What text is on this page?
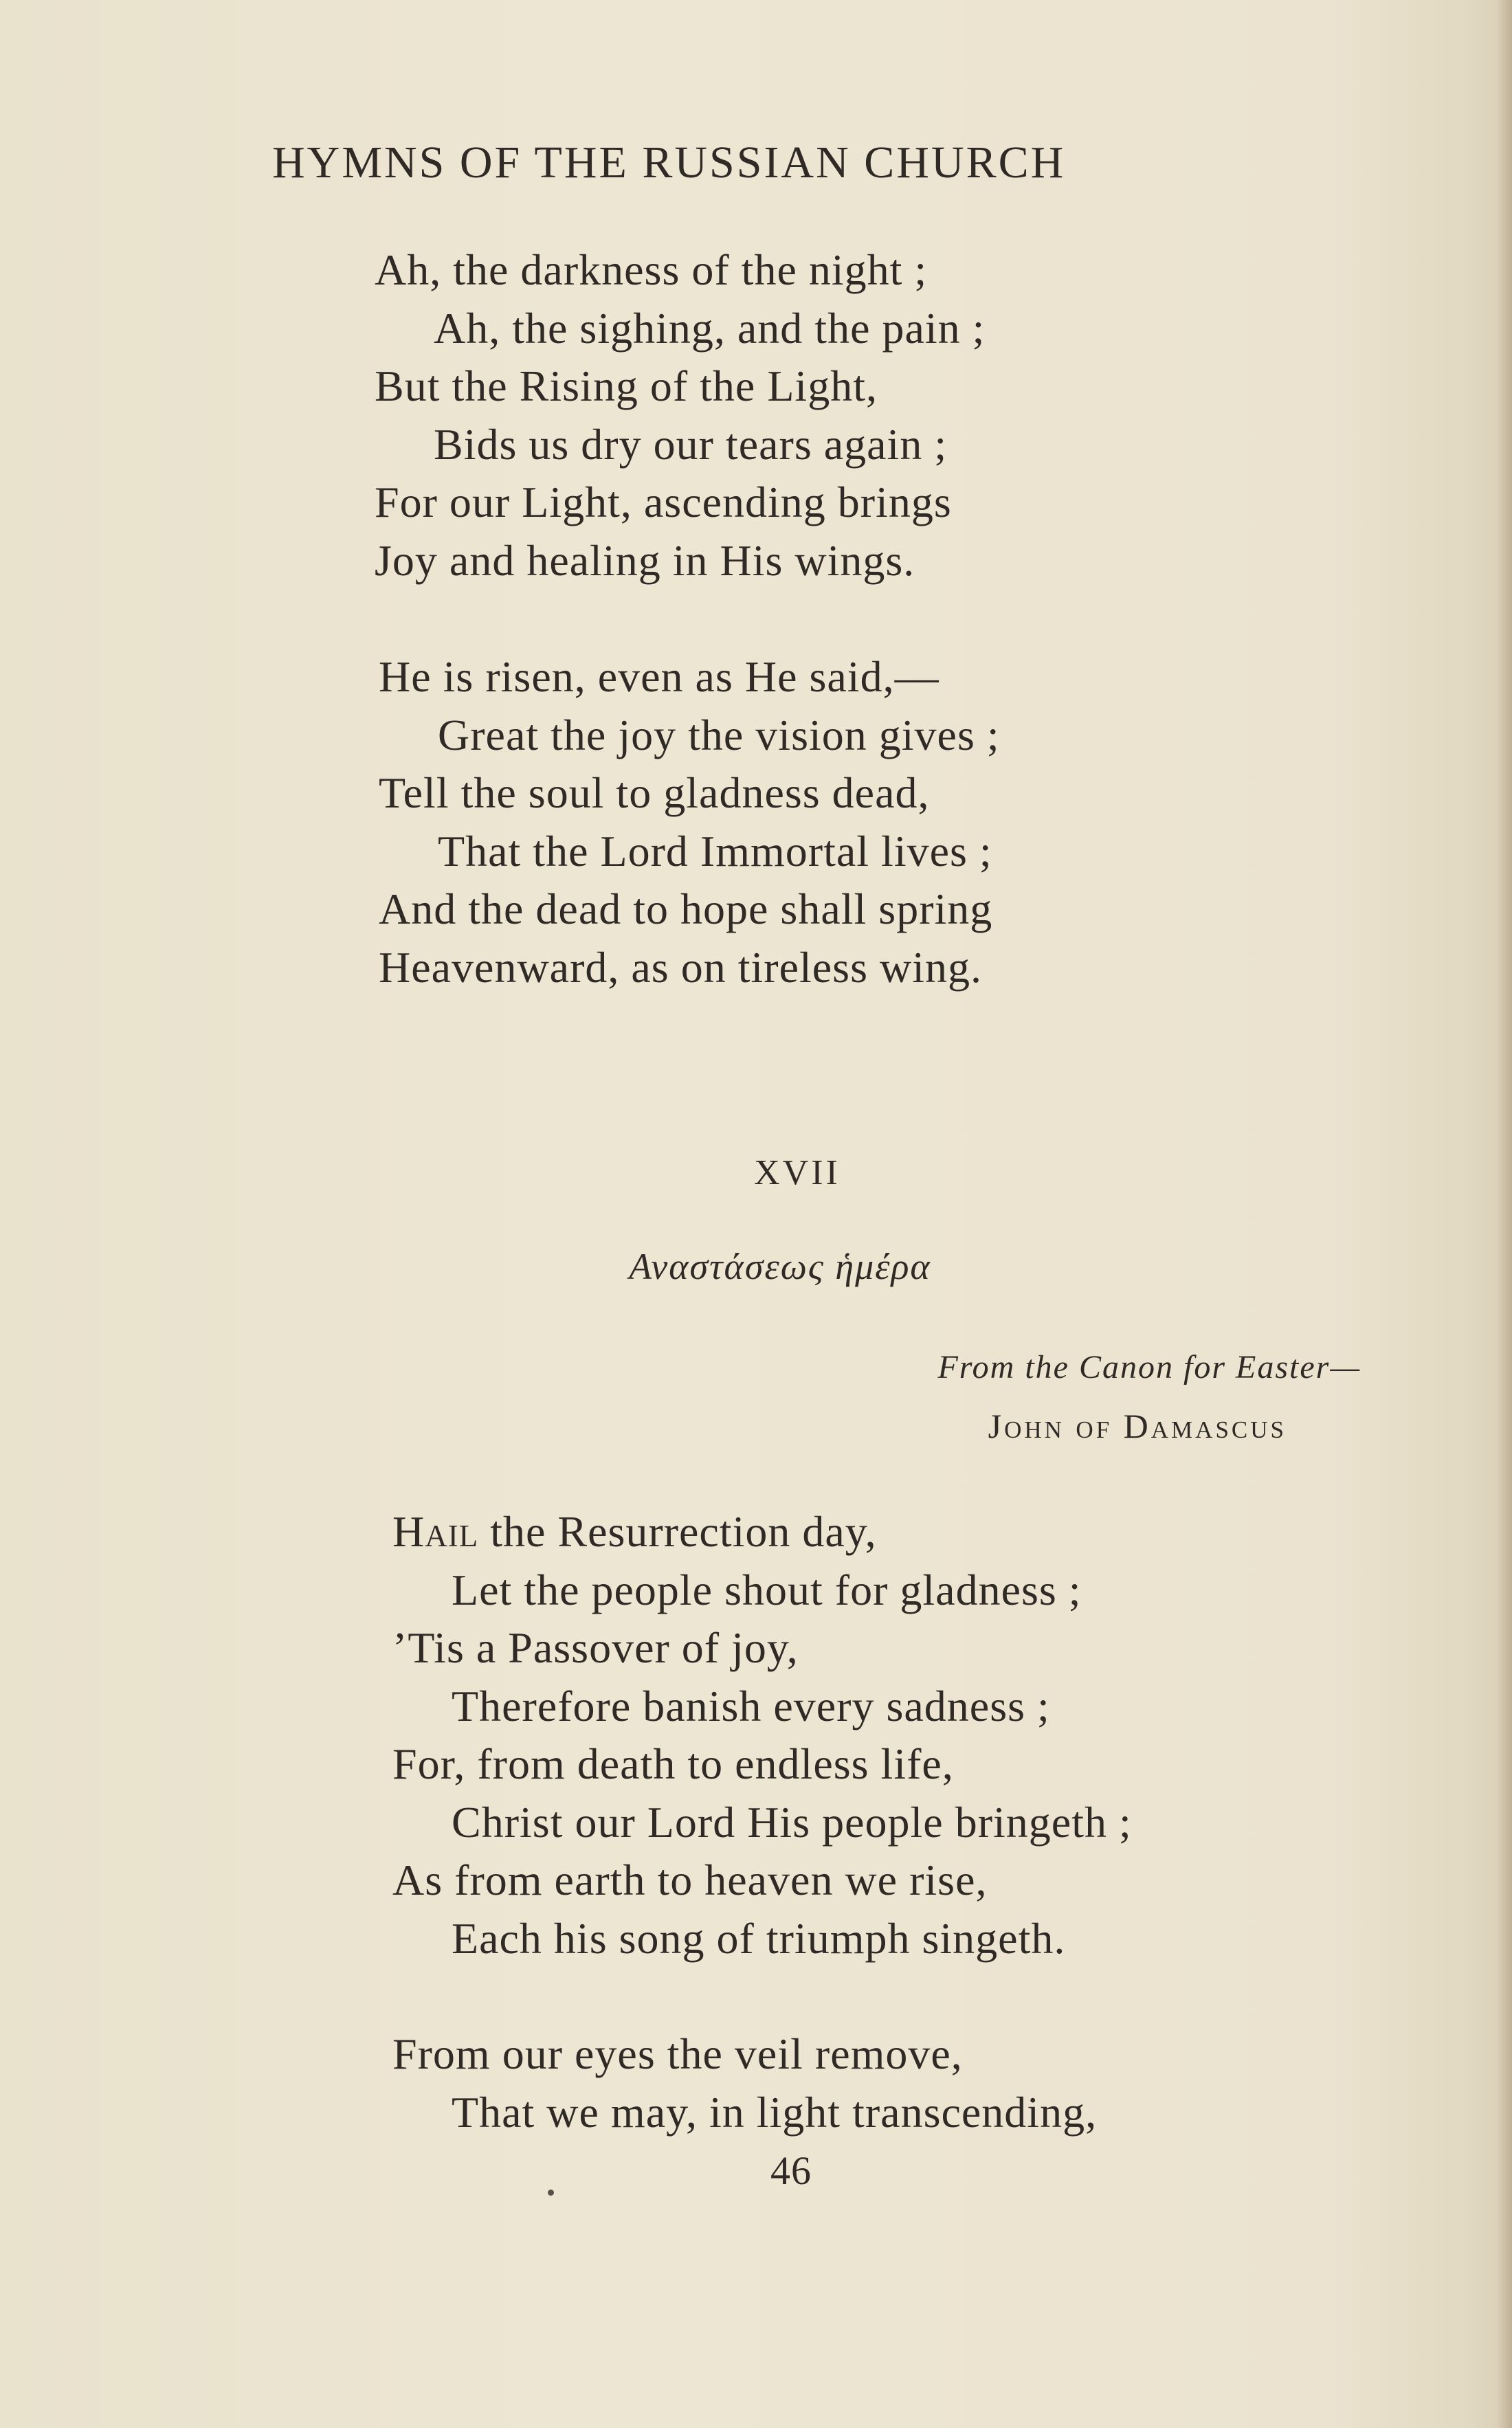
HYMNS OF THE RUSSIAN CHURCH
Ah, the darkness of the night ;
Ah, the sighing, and the pain ;
But the Rising of the Light,
Bids us dry our tears again ;
For our Light, ascending brings
Joy and healing in His wings.
He is risen, even as He said,—
Great the joy the vision gives ;
Tell the soul to gladness dead,
That the Lord Immortal lives ;
And the dead to hope shall spring
Heavenward, as on tireless wing.
XVII
Αναστάσεως ἡμέρα
From the Canon for Easter—
John of Damascus
Hail the Resurrection day,
Let the people shout for gladness ;
’Tis a Passover of joy,
Therefore banish every sadness ;
For, from death to endless life,
Christ our Lord His people bringeth ;
As from earth to heaven we rise,
Each his song of triumph singeth.
From our eyes the veil remove,
That we may, in light transcending,
46
